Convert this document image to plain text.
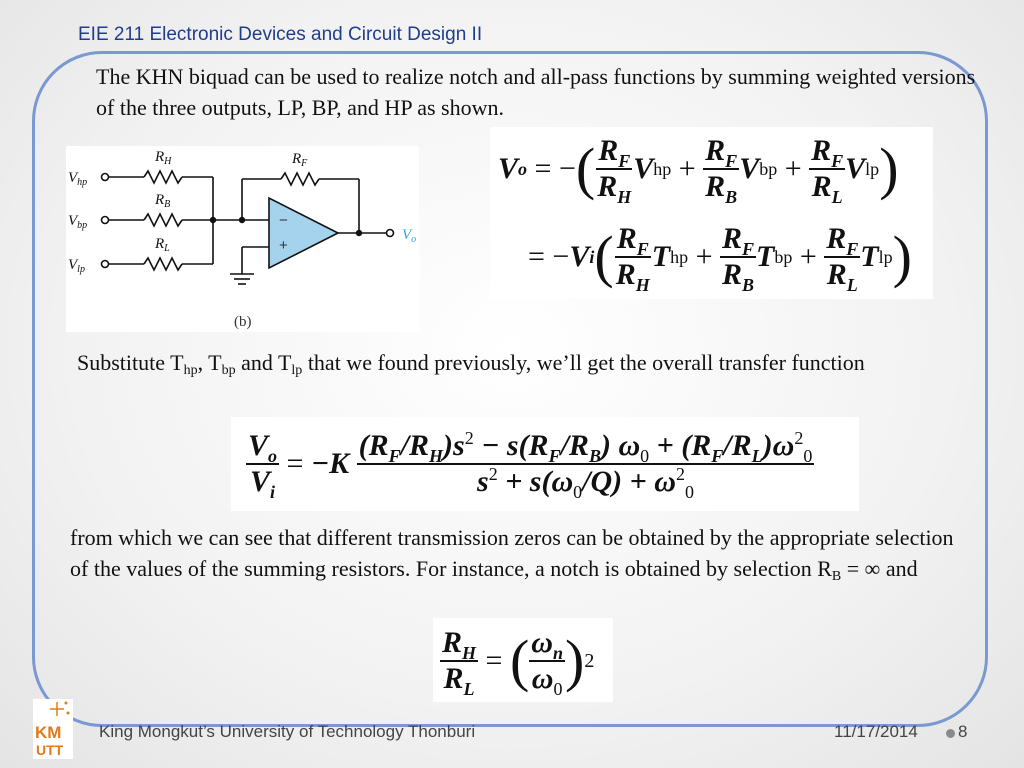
EIE 211 Electronic Devices and Circuit Design II

The KHN biquad can be used to realize notch and all-pass functions by summing weighted versions of the three outputs, LP, BP, and HP as shown.

$V_{hp}$
$V_{bp}$
$V_{lp}$
$R_H$
$R_B$
$R_L$
$R_F$
$V_o$
−
+
(b)
V o
=
− ( $\frac{R_F}{R_H}$ V hp
+
$\frac{R_F}{R_B}$ V bp
+
$\frac{R_F}{R_L}$ V lp )
=
− V i ( $\frac{R_F}{R_H}$ T hp
+
$\frac{R_F}{R_B}$ T bp
+
$\frac{R_F}{R_L}$ T lp )

Substitute $T_{hp}$, $T_{bp}$ and $T_{lp}$ that we found previously, we’ll get the overall transfer function

$\frac{V_o}{V_i}$
=
−K
$\frac{(R_F/R_H)s^2 - s(R_F/R_B) \omega_0 + (R_F/R_L)\omega^2_0}{s^2 + s(\omega_0/Q) + \omega^2_0}$

from which we can see that different transmission zeros can be obtained by the appropriate selection of the values of the summing resistors. For instance, a notch is obtained by selection $R_B$ = ∞ and

$\frac{R_H}{R_L}$
=
( $\frac{\omega_n}{\omega_0}$ ) 2
KM
UTT
King Mongkut’s University of Technology Thonburi	11/17/2014 8
